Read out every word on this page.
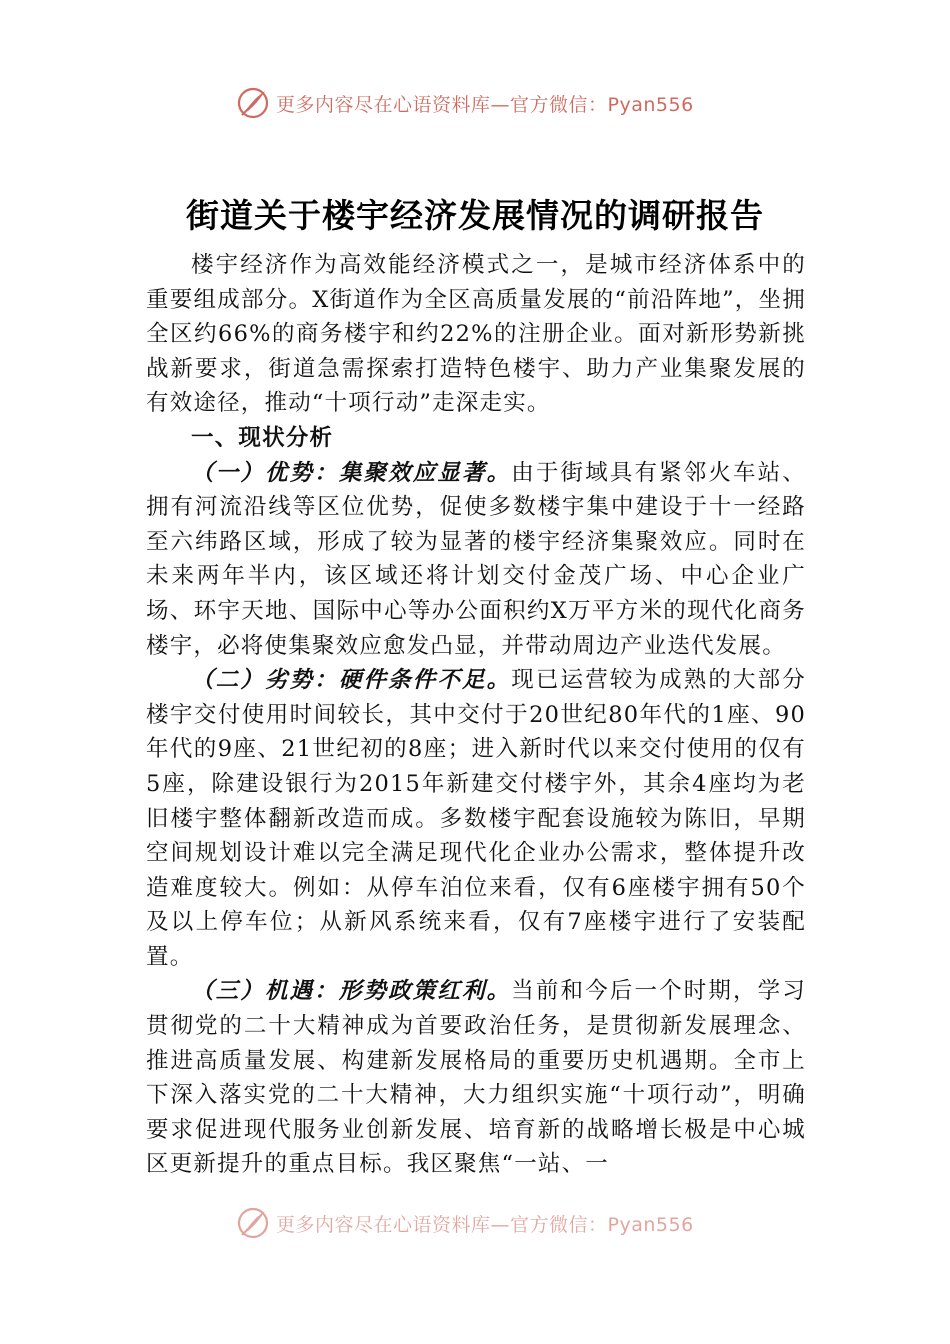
更多内容尽在心语资料库—官方微信：Pyan556
街道关于楼宇经济发展情况的调研报告

楼宇经济作为高效能经济模式之一，是城市经济体系中的重要组成部分。X街道作为全区高质量发展的“前沿阵地”，坐拥全区约66%的商务楼宇和约22%的注册企业。面对新形势新挑战新要求，街道急需探索打造特色楼宇、助力产业集聚发展的有效途径，推动“十项行动”走深走实。

一、现状分析

（一）优势：集聚效应显著。由于街域具有紧邻火车站、拥有河流沿线等区位优势，促使多数楼宇集中建设于十一经路至六纬路区域，形成了较为显著的楼宇经济集聚效应。同时在未来两年半内，该区域还将计划交付金茂广场、中心企业广场、环宇天地、国际中心等办公面积约X万平方米的现代化商务楼宇，必将使集聚效应愈发凸显，并带动周边产业迭代发展。

（二）劣势：硬件条件不足。现已运营较为成熟的大部分楼宇交付使用时间较长，其中交付于20世纪80年代的1座、90年代的9座、21世纪初的8座；进入新时代以来交付使用的仅有5座，除建设银行为2015年新建交付楼宇外，其余4座均为老旧楼宇整体翻新改造而成。多数楼宇配套设施较为陈旧，早期空间规划设计难以完全满足现代化企业办公需求，整体提升改造难度较大。例如：从停车泊位来看，仅有6座楼宇拥有50个及以上停车位；从新风系统来看，仅有7座楼宇进行了安装配置。

（三）机遇：形势政策红利。当前和今后一个时期，学习贯彻党的二十大精神成为首要政治任务，是贯彻新发展理念、推进高质量发展、构建新发展格局的重要历史机遇期。全市上下深入落实党的二十大精神，大力组织实施“十项行动”，明确要求促进现代服务业创新发展、培育新的战略增长极是中心城区更新提升的重点目标。我区聚焦“一站、一

更多内容尽在心语资料库—官方微信：Pyan556
